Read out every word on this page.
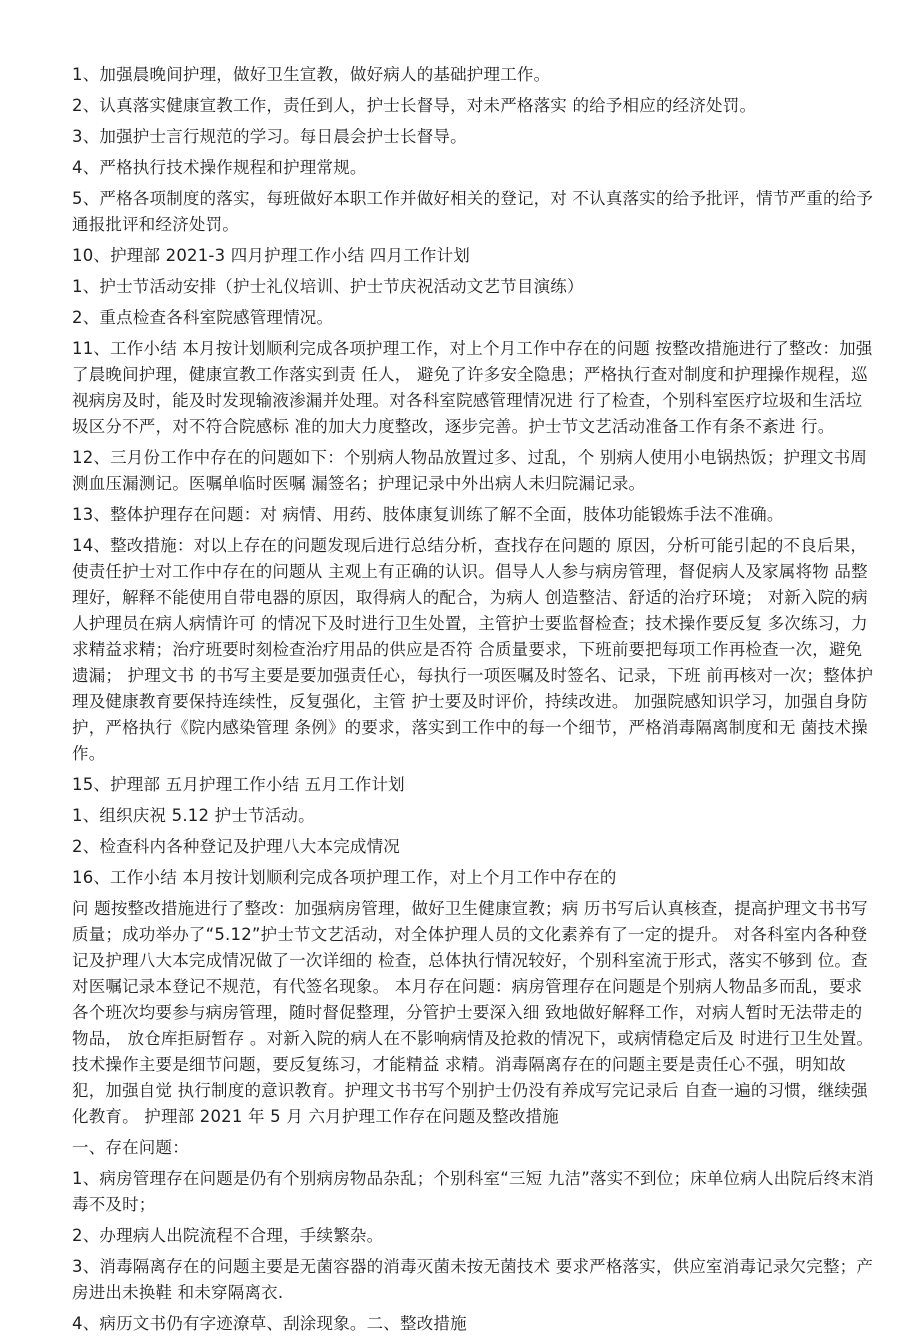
1、加强晨晚间护理，做好卫生宣教，做好病人的基础护理工作。

2、认真落实健康宣教工作，责任到人，护士长督导，对未严格落实 的给予相应的经济处罚。

3、加强护士言行规范的学习。每日晨会护士长督导。

4、严格执行技术操作规程和护理常规。

5、严格各项制度的落实，每班做好本职工作并做好相关的登记，对 不认真落实的给予批评，情节严重的给予通报批评和经济处罚。

10、护理部 2021-3 四月护理工作小结 四月工作计划

1、护士节活动安排（护士礼仪培训、护士节庆祝活动文艺节目演练）

2、重点检查各科室院感管理情况。

11、工作小结 本月按计划顺利完成各项护理工作，对上个月工作中存在的问题 按整改措施进行了整改：加强了晨晚间护理，健康宣教工作落实到责 任人， 避免了许多安全隐患；严格执行查对制度和护理操作规程，巡视病房及时，能及时发现输液渗漏并处理。对各科室院感管理情况进 行了检查，个别科室医疗垃圾和生活垃圾区分不严，对不符合院感标 准的加大力度整改，逐步完善。护士节文艺活动准备工作有条不紊进 行。

12、三月份工作中存在的问题如下：个别病人物品放置过多、过乱，个 别病人使用小电锅热饭；护理文书周测血压漏测记。医嘱单临时医嘱 漏签名；护理记录中外出病人未归院漏记录。

13、整体护理存在问题：对 病情、用药、肢体康复训练了解不全面，肢体功能锻炼手法不准确。

14、整改措施：对以上存在的问题发现后进行总结分析，查找存在问题的 原因，分析可能引起的不良后果，使责任护士对工作中存在的问题从 主观上有正确的认识。倡导人人参与病房管理，督促病人及家属将物 品整理好，解释不能使用自带电器的原因，取得病人的配合，为病人 创造整洁、舒适的治疗环境； 对新入院的病人护理员在病人病情许可 的情况下及时进行卫生处置，主管护士要监督检查；技术操作要反复 多次练习，力求精益求精；治疗班要时刻检查治疗用品的供应是否符 合质量要求，下班前要把每项工作再检查一次，避免遗漏； 护理文书 的书写主要是要加强责任心，每执行一项医嘱及时签名、记录，下班 前再核对一次；整体护理及健康教育要保持连续性，反复强化，主管 护士要及时评价，持续改进。 加强院感知识学习，加强自身防护，严格执行《院内感染管理 条例》的要求，落实到工作中的每一个细节，严格消毒隔离制度和无 菌技术操作。

15、护理部 五月护理工作小结 五月工作计划

1、组织庆祝 5.12 护士节活动。

2、检查科内各种登记及护理八大本完成情况

16、工作小结 本月按计划顺利完成各项护理工作，对上个月工作中存在的

问 题按整改措施进行了整改：加强病房管理，做好卫生健康宣教；病 历书写后认真核查，提高护理文书书写质量；成功举办了“5.12”护士节文艺活动，对全体护理人员的文化素养有了一定的提升。 对各科室内各种登记及护理八大本完成情况做了一次详细的 检查，总体执行情况较好，个别科室流于形式，落实不够到 位。查对医嘱记录本登记不规范，有代签名现象。 本月存在问题：病房管理存在问题是个别病人物品多而乱，要求 各个班次均要参与病房管理，随时督促整理，分管护士要深入细 致地做好解释工作，对病人暂时无法带走的物品， 放仓库拒厨暂存 。对新入院的病人在不影响病情及抢救的情况下，或病情稳定后及 时进行卫生处置。技术操作主要是细节问题，要反复练习，才能精益 求精。消毒隔离存在的问题主要是责任心不强，明知故犯，加强自觉 执行制度的意识教育。护理文书书写个别护士仍没有养成写完记录后 自查一遍的习惯，继续强化教育。 护理部 2021 年 5 月 六月护理工作存在问题及整改措施

一、存在问题：

1、病房管理存在问题是仍有个别病房物品杂乱；个别科室“三短 九洁”落实不到位；床单位病人出院后终末消毒不及时；

2、办理病人出院流程不合理，手续繁杂。

3、消毒隔离存在的问题主要是无菌容器的消毒灭菌未按无菌技术 要求严格落实，供应室消毒记录欠完整；产房进出未换鞋 和未穿隔离衣.

4、病历文书仍有字迹潦草、刮涂现象。二、整改措施
